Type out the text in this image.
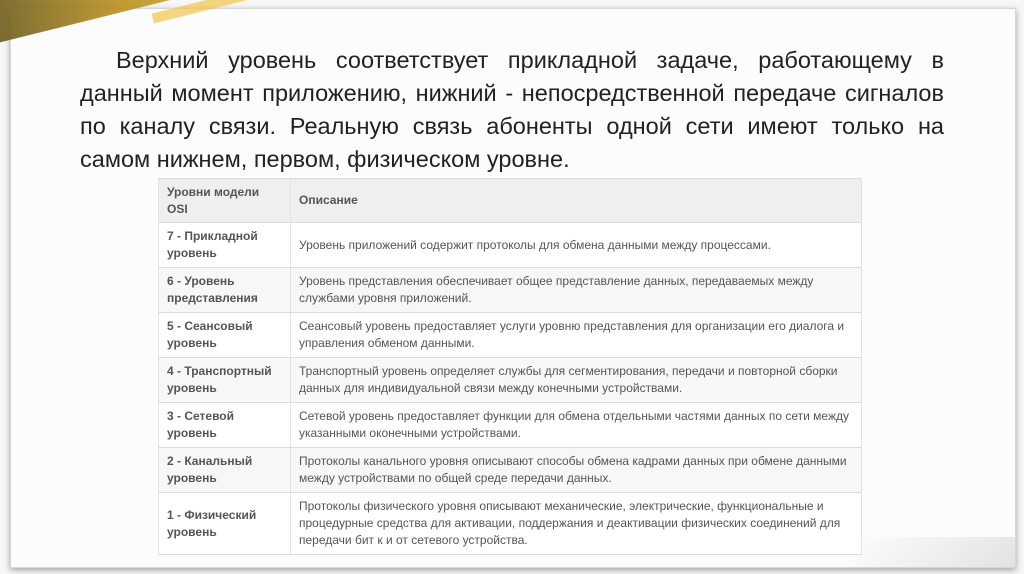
Верхний уровень соответствует прикладной задаче, работающему в данный момент приложению, нижний - непосредственной передаче сигналов по каналу связи. Реальную связь абоненты одной сети имеют только на самом нижнем, первом, физическом уровне.

Уровни модели OSI	Описание
7 - Прикладной уровень	Уровень приложений содержит протоколы для обмена данными между процессами.
6 - Уровень представления	Уровень представления обеспечивает общее представление данных, передаваемых между службами уровня приложений.
5 - Сеансовый уровень	Сеансовый уровень предоставляет услуги уровню представления для организации его диалога и управления обменом данными.
4 - Транспортный уровень	Транспортный уровень определяет службы для сегментирования, передачи и повторной сборки данных для индивидуальной связи между конечными устройствами.
3 - Сетевой уровень	Сетевой уровень предоставляет функции для обмена отдельными частями данных по сети между указанными оконечными устройствами.
2 - Канальный уровень	Протоколы канального уровня описывают способы обмена кадрами данных при обмене данными между устройствами по общей среде передачи данных.
1 - Физический уровень	Протоколы физического уровня описывают механические, электрические, функциональные и процедурные средства для активации, поддержания и деактивации физических соединений для передачи бит к и от сетевого устройства.
